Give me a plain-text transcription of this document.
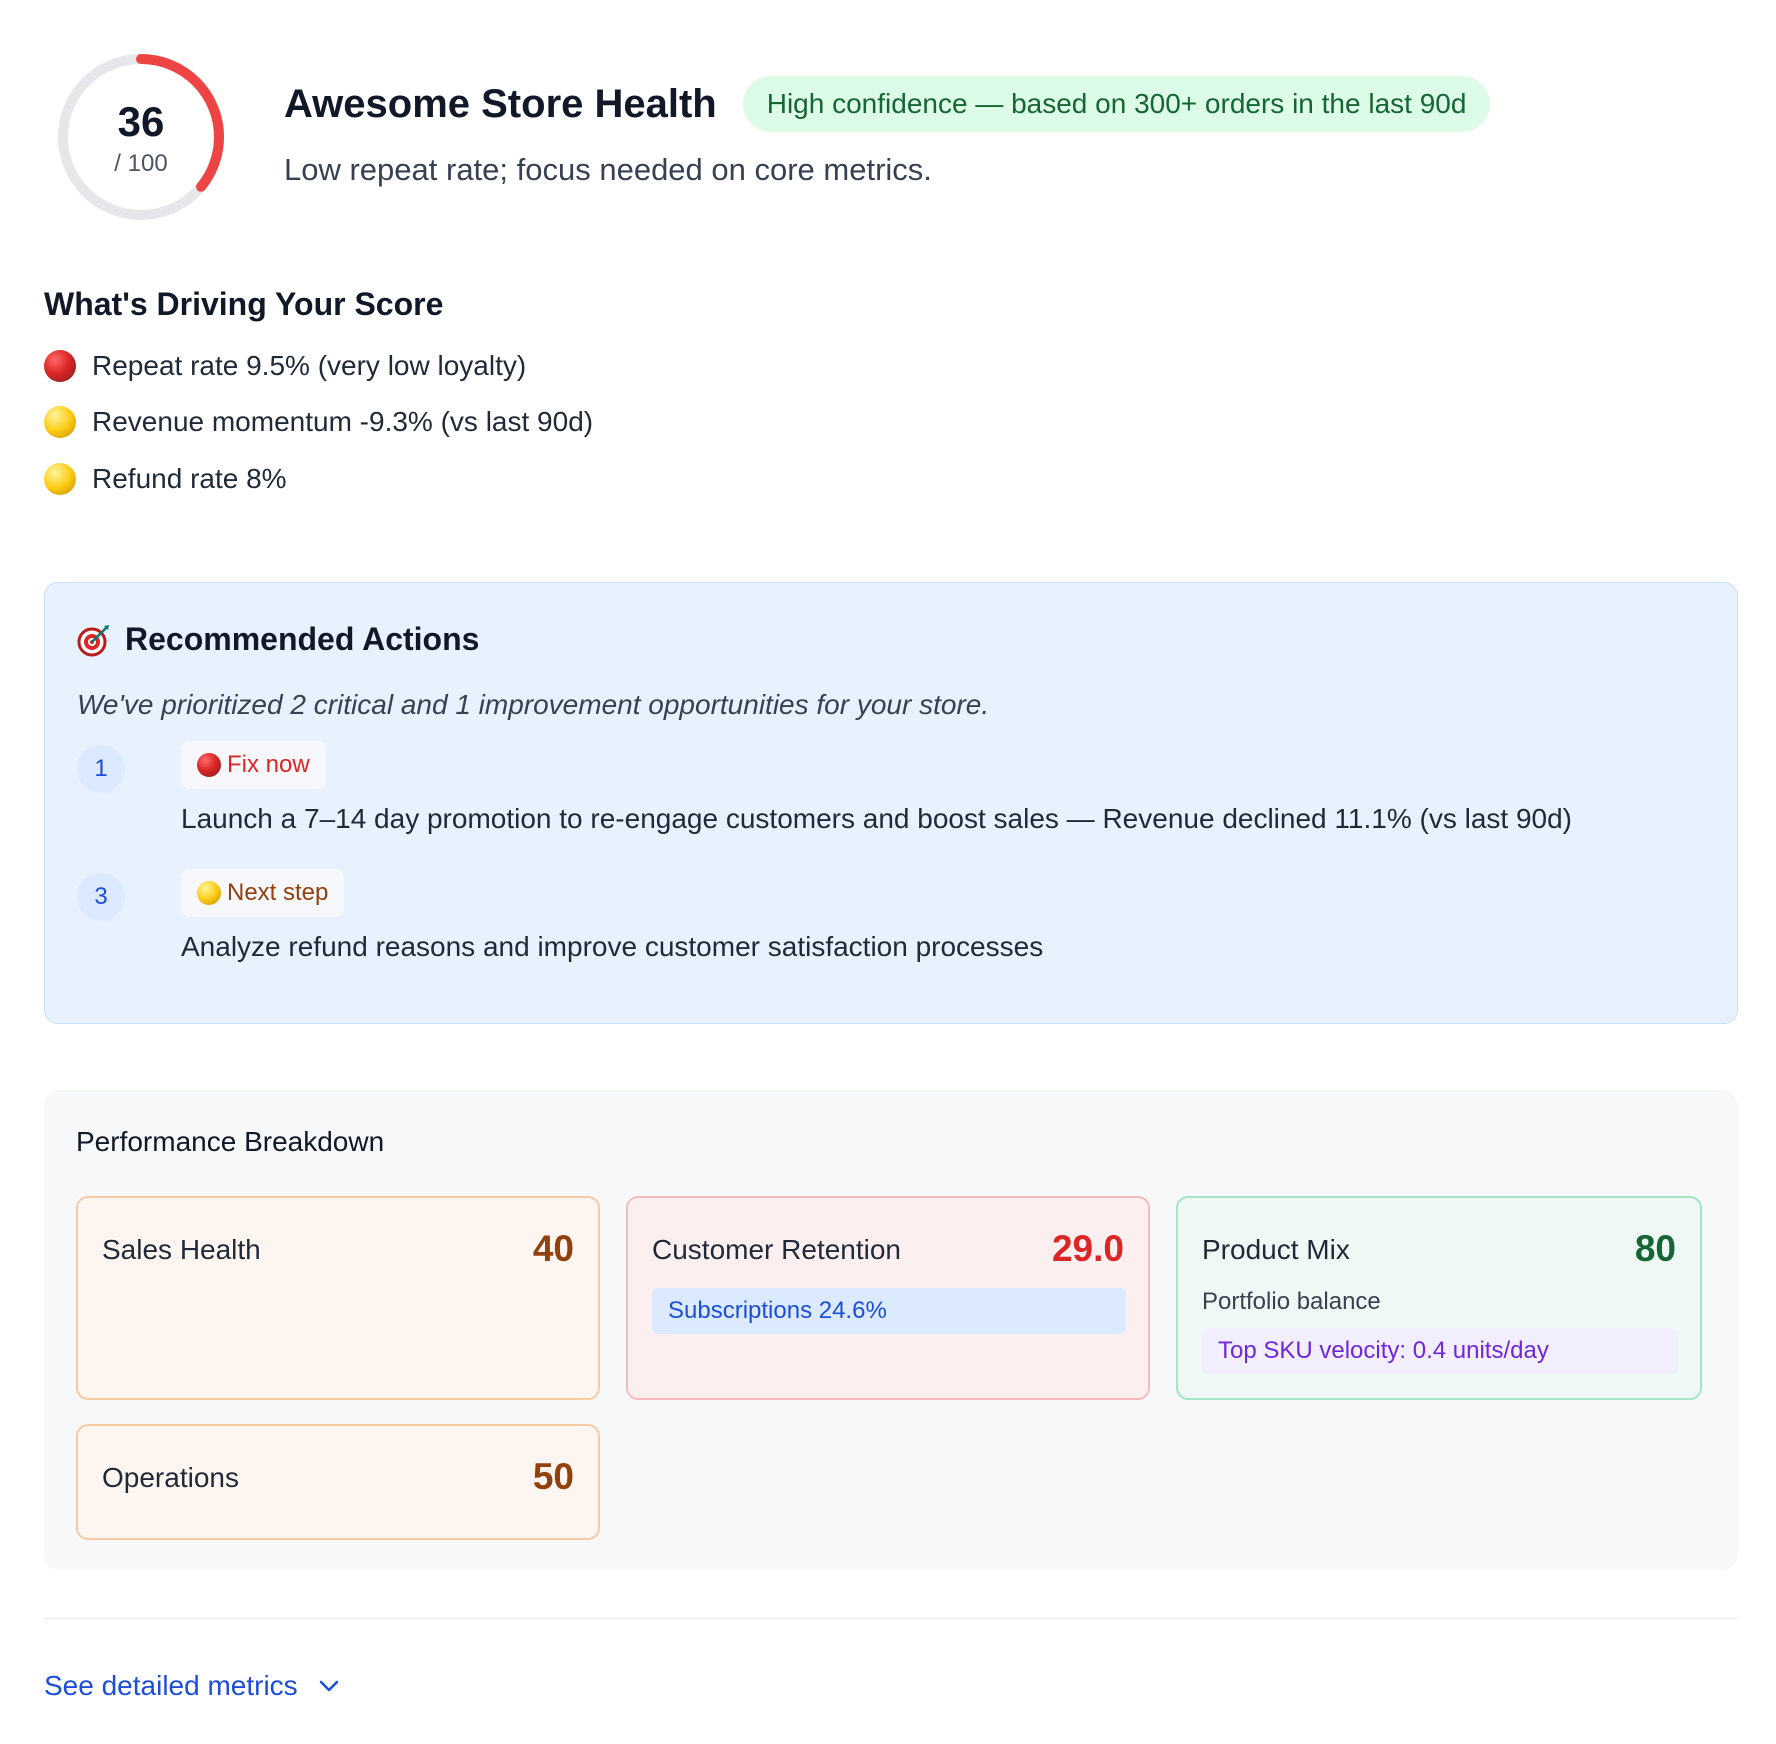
36
/ 100
Awesome Store Health	High confidence — based on 300+ orders in the last 90d
Low repeat rate; focus needed on core metrics.
What's Driving Your Score
Repeat rate 9.5% (very low loyalty)
Revenue momentum -9.3% (vs last 90d)
Refund rate 8%
Recommended Actions
We've prioritized 2 critical and 1 improvement opportunities for your store.
1	Fix now
Launch a 7–14 day promotion to re-engage customers and boost sales — Revenue declined 11.1% (vs last 90d)
3	Next step
Analyze refund reasons and improve customer satisfaction processes
Performance Breakdown
Sales Health	40	Customer Retention	29.0
Subscriptions 24.6%
Product Mix	80
Portfolio balance
Top SKU velocity: 0.4 units/day
Operations	50
See detailed metrics
